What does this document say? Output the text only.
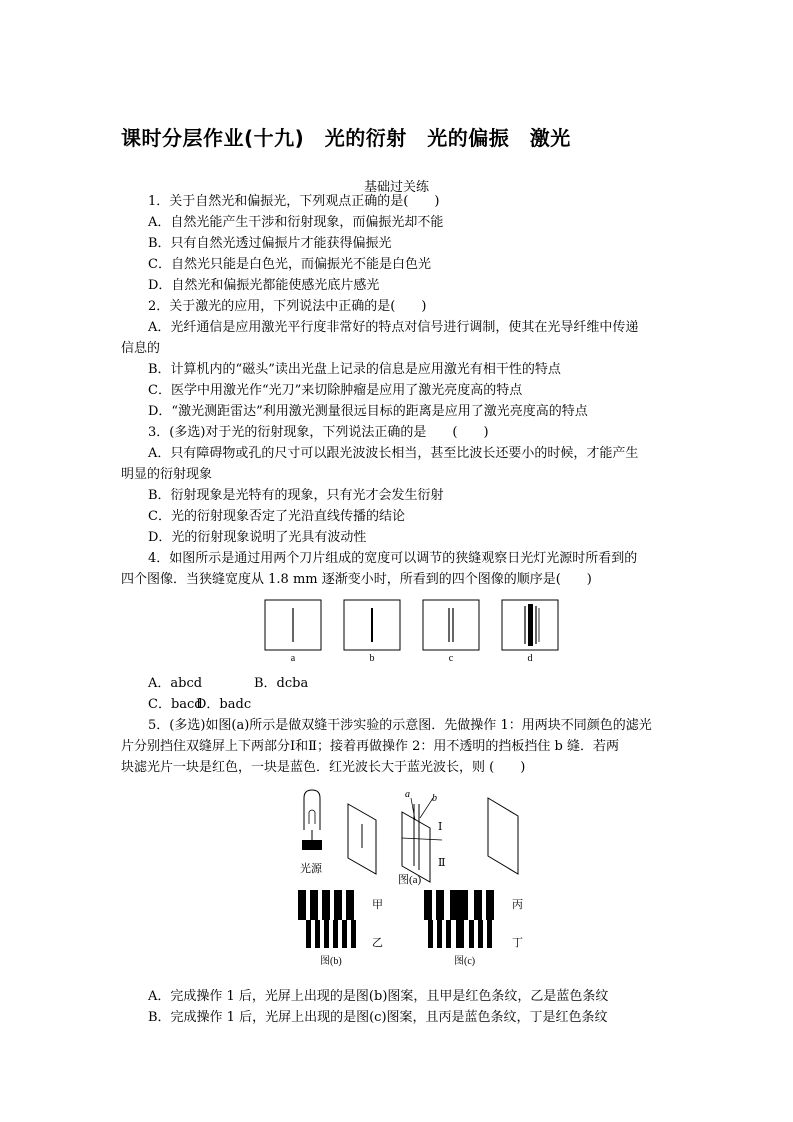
课时分层作业(十九)　光的衍射　光的偏振　激光
基础过关练
1．关于自然光和偏振光，下列观点正确的是(　　)
A．自然光能产生干涉和衍射现象，而偏振光却不能
B．只有自然光透过偏振片才能获得偏振光
C．自然光只能是白色光，而偏振光不能是白色光
D．自然光和偏振光都能使感光底片感光
2．关于激光的应用，下列说法中正确的是(　　)
A．光纤通信是应用激光平行度非常好的特点对信号进行调制，使其在光导纤维中传递
信息的
B．计算机内的“磁头”读出光盘上记录的信息是应用激光有相干性的特点
C．医学中用激光作“光刀”来切除肿瘤是应用了激光亮度高的特点
D．“激光测距雷达”利用激光测量很远目标的距离是应用了激光亮度高的特点
3．(多选)对于光的衍射现象，下列说法正确的是　　(　　)
A．只有障碍物或孔的尺寸可以跟光波波长相当，甚至比波长还要小的时候，才能产生
明显的衍射现象
B．衍射现象是光特有的现象，只有光才会发生衍射
C．光的衍射现象否定了光沿直线传播的结论
D．光的衍射现象说明了光具有波动性
4．如图所示是通过用两个刀片组成的宽度可以调节的狭缝观察日光灯光源时所看到的
四个图像．当狭缝宽度从 1.8 mm 逐渐变小时，所看到的四个图像的顺序是(　　)
a	b	c	d
A．abcd	B．dcba
C．bacd
D．badc
5．(多选)如图(a)所示是做双缝干涉实验的示意图．先做操作 1：用两块不同颜色的滤光
片分别挡住双缝屏上下两部分Ⅰ和Ⅱ；接着再做操作 2：用不透明的挡板挡住 b 缝．若两
块滤光片一块是红色，一块是蓝色．红光波长大于蓝光波长，则 (　　)
光源
a b
Ⅰ
Ⅱ
图(a)
甲
乙
图(b)
丙
丁
图(c)
A．完成操作 1 后，光屏上出现的是图(b)图案，且甲是红色条纹，乙是蓝色条纹
B．完成操作 1 后，光屏上出现的是图(c)图案，且丙是蓝色条纹，丁是红色条纹
